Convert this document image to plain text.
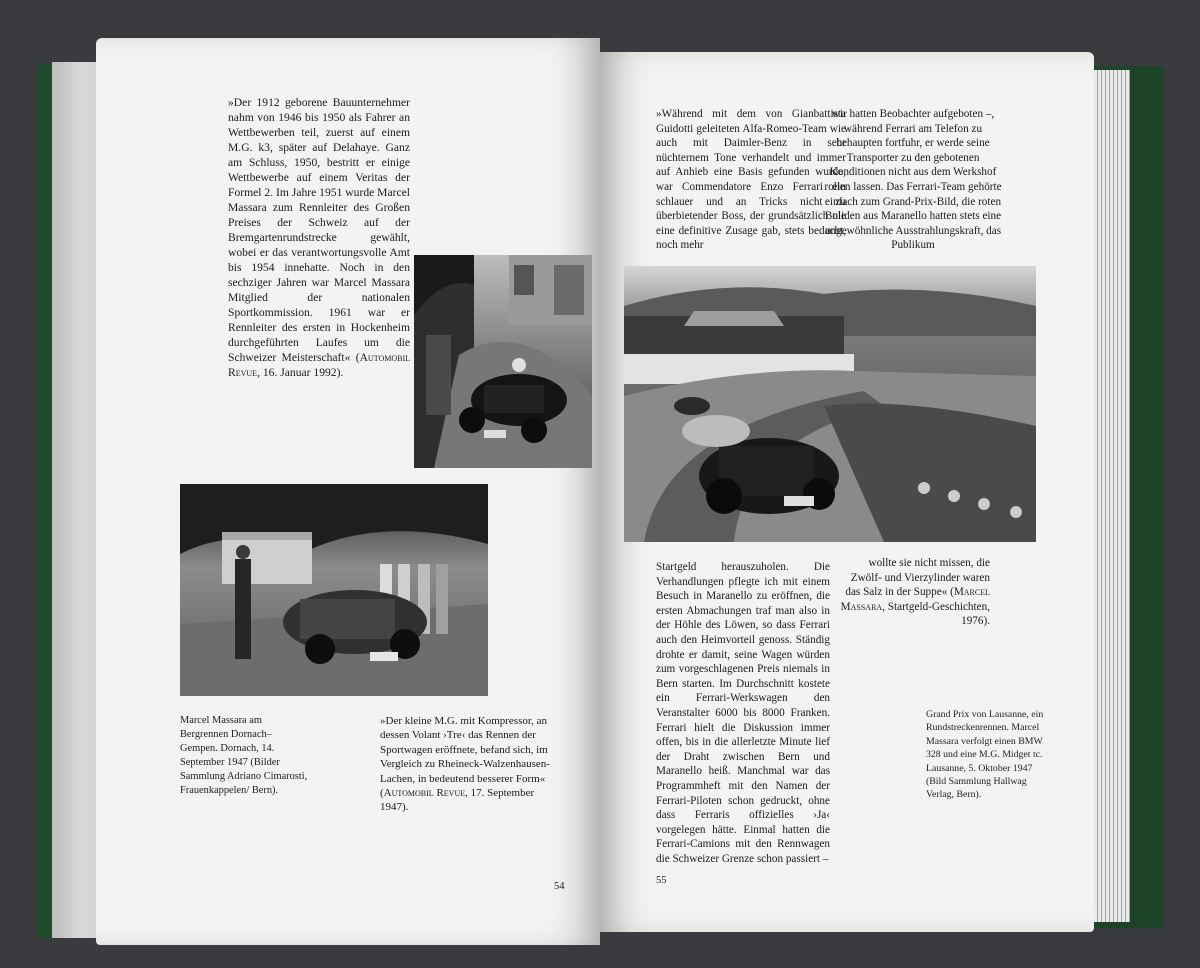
»Der 1912 geborene Bauunternehmer nahm von 1946 bis 1950 als Fahrer an Wettbewerben teil, zuerst auf einem M.G. k3, später auf Delahaye. Ganz am Schluss, 1950, bestritt er einige Wettbewerbe auf einem Veritas der Formel 2. Im Jahre 1951 wurde Marcel Massara zum Rennleiter des Großen Preises der Schweiz auf der Bremgartenrundstrecke gewählt, wobei er das verantwortungsvolle Amt bis 1954 innehatte. Noch in den sechziger Jahren war Marcel Massara Mitglied der nationalen Sportkommission. 1961 war er Rennleiter des ersten in Hockenheim durchgeführten Laufes um die Schweizer Meisterschaft« (Automobil Revue, 16. Januar 1992).
Marcel Massara am Bergrennen Dornach–Gempen. Dornach, 14. September 1947 (Bilder Sammlung Adriano Cimarosti, Frauenkappelen/ Bern).
»Der kleine M.G. mit Kompressor, an dessen Volant ›Tre‹ das Rennen der Sportwagen eröffnete, befand sich, im Vergleich zu Rheineck-Walzenhausen-Lachen, in bedeutend besserer Form« (Automobil Revue, 17. September 1947).
54
»Während mit dem von Gianbattista Guidotti geleiteten Alfa-Romeo-Team wie auch mit Daimler-Benz in sehr nüchternem Tone verhandelt und immer auf Anhieb eine Basis gefunden wurde, war Commendatore Enzo Ferrari ein schlauer und an Tricks nicht zu überbietender Boss, der grundsätzlich nie eine definitive Zusage gab, stets bedacht, noch mehr
wir hatten Beobachter aufgeboten –, während Ferrari am Telefon zu behaupten fortfuhr, er werde seine Transporter zu den gebotenen Konditionen nicht aus dem Werkshof rollen lassen. Das Ferrari-Team gehörte einfach zum Grand-Prix-Bild, die roten Boliden aus Maranello hatten stets eine ungewöhnliche Ausstrahlungskraft, das Publikum
Startgeld herauszuholen. Die Verhandlungen pflegte ich mit einem Besuch in Maranello zu eröffnen, die ersten Abmachungen traf man also in der Höhle des Löwen, so dass Ferrari auch den Heimvorteil genoss. Ständig drohte er damit, seine Wagen würden zum vorgeschlagenen Preis niemals in Bern starten. Im Durchschnitt kostete ein Ferrari-Werkswagen den Veranstalter 6000 bis 8000 Franken. Ferrari hielt die Diskussion immer offen, bis in die allerletzte Minute lief der Draht zwischen Bern und Maranello heiß. Manchmal war das Programmheft mit den Namen der Ferrari-Piloten schon gedruckt, ohne dass Ferraris offizielles ›Ja‹ vorgelegen hätte. Einmal hatten die Ferrari-Camions mit den Rennwagen die Schweizer Grenze schon passiert –
wollte sie nicht missen, die Zwölf- und Vierzylinder waren das Salz in der Suppe« (Marcel Massara, Startgeld-Geschichten, 1976).
Grand Prix von Lausanne, ein Rundstreckenrennen. Marcel Massara verfolgt einen BMW 328 und eine M.G. Midget tc. Lausanne, 5. Oktober 1947 (Bild Sammlung Hallwag Verlag, Bern).
55
